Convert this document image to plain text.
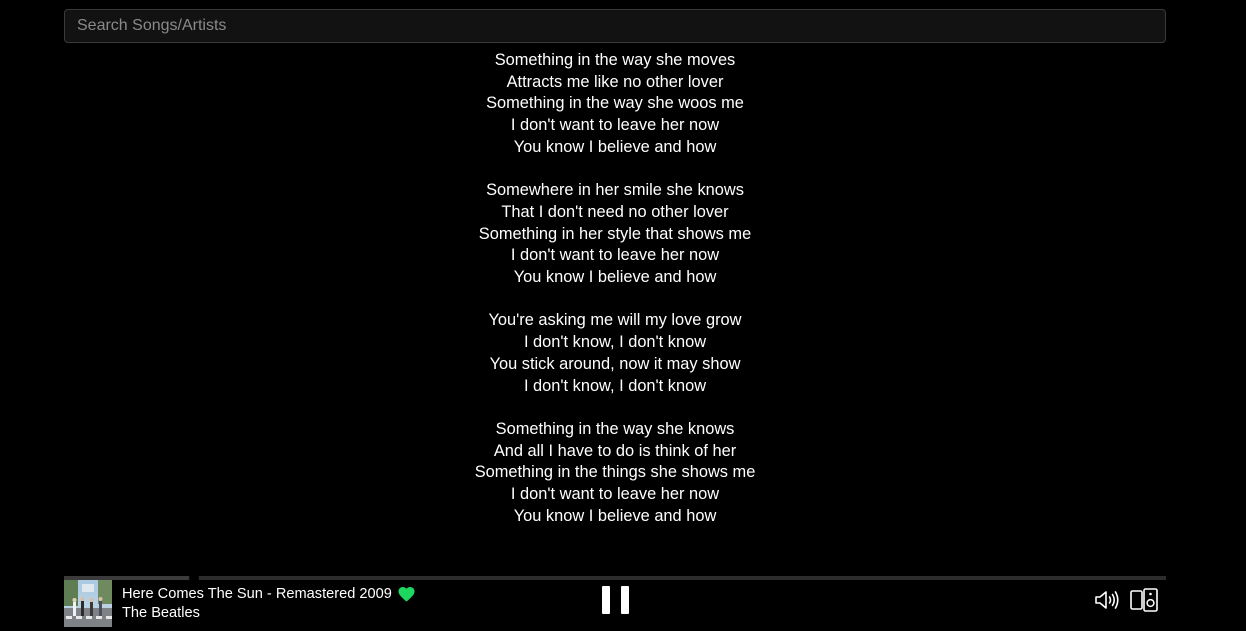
Search Songs/Artists
Something in the way she moves
Attracts me like no other lover
Something in the way she woos me
I don't want to leave her now
You know I believe and how
Somewhere in her smile she knows
That I don't need no other lover
Something in her style that shows me
I don't want to leave her now
You know I believe and how
You're asking me will my love grow
I don't know, I don't know
You stick around, now it may show
I don't know, I don't know
Something in the way she knows
And all I have to do is think of her
Something in the things she shows me
I don't want to leave her now
You know I believe and how
Here Comes The Sun - Remastered 2009
The Beatles
